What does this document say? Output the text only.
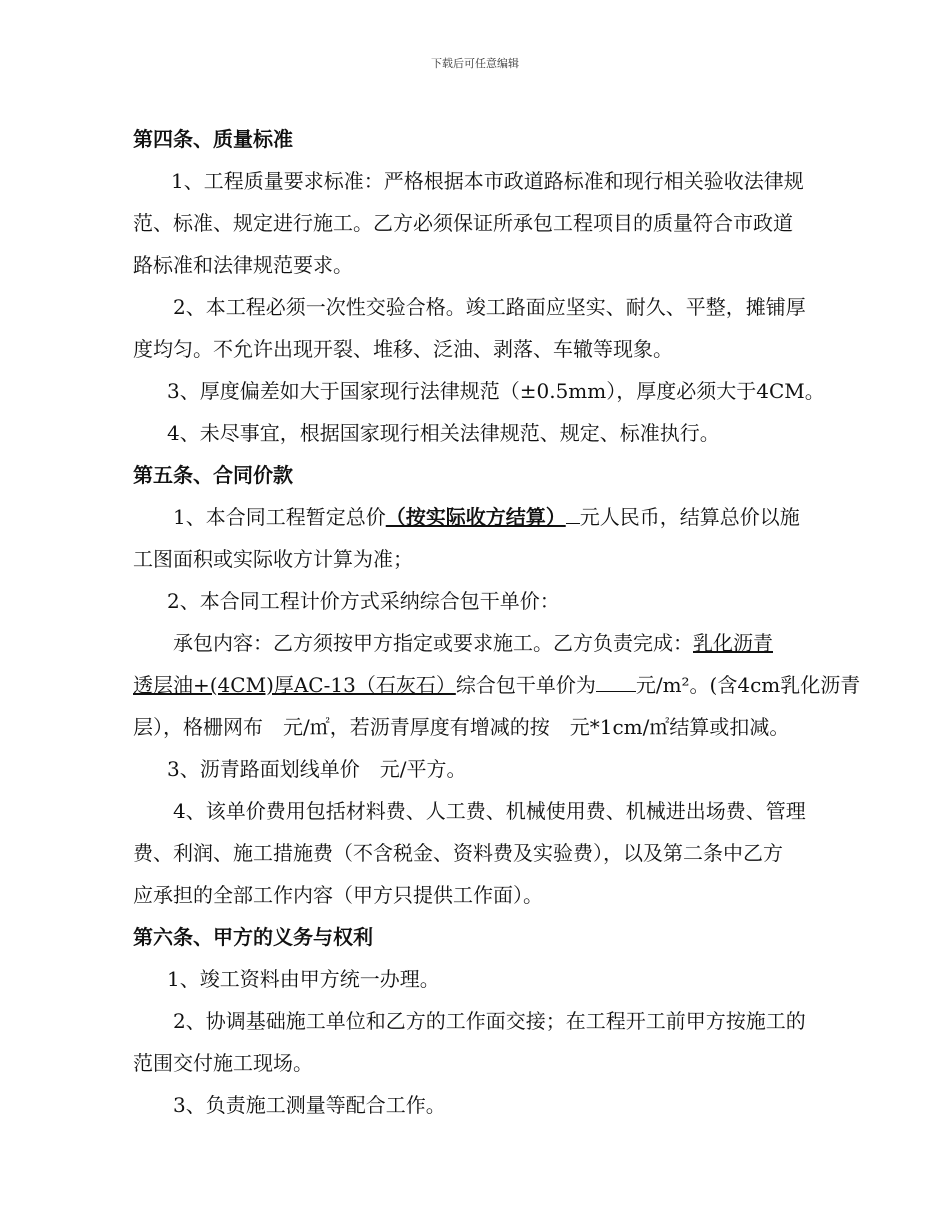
下载后可任意编辑
第四条、质量标准
1、工程质量要求标准：严格根据本市政道路标准和现行相关验收法律规
范、标准、规定进行施工。乙方必须保证所承包工程项目的质量符合市政道
路标准和法律规范要求。
2、本工程必须一次性交验合格。竣工路面应坚实、耐久、平整，摊铺厚
度均匀。不允许出现开裂、堆移、泛油、剥落、车辙等现象。
3、厚度偏差如大于国家现行法律规范（±0.5mm），厚度必须大于4CM。
4、未尽事宜，根据国家现行相关法律规范、规定、标准执行。
第五条、合同价款
1、本合同工程暂定总价（按实际收方结算） 元人民币，结算总价以施
工图面积或实际收方计算为准；
2、本合同工程计价方式采纳综合包干单价：
承包内容：乙方须按甲方指定或要求施工。乙方负责完成：乳化沥青
透层油+(4CM)厚AC-13（石灰石）综合包干单价为 元/m²。(含4cm乳化沥青
层），格栅网布 元/㎡，若沥青厚度有增减的按 元*1cm/㎡结算或扣减。
3、沥青路面划线单价 元/平方。
4、该单价费用包括材料费、人工费、机械使用费、机械进出场费、管理
费、利润、施工措施费（不含税金、资料费及实验费），以及第二条中乙方
应承担的全部工作内容（甲方只提供工作面）。
第六条、甲方的义务与权利
1、竣工资料由甲方统一办理。
2、协调基础施工单位和乙方的工作面交接；在工程开工前甲方按施工的
范围交付施工现场。
3、负责施工测量等配合工作。
